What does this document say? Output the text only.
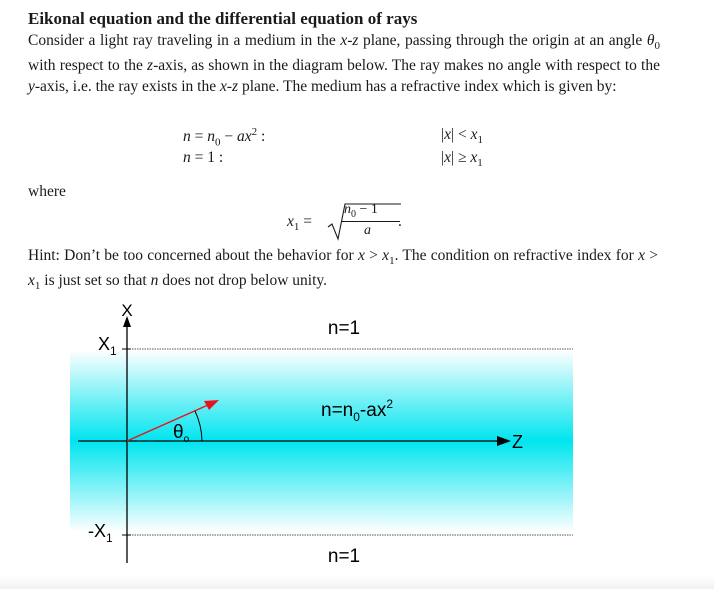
Eikonal equation and the differential equation of rays
Consider a light ray traveling in a medium in the x-z plane, passing through the origin at an angle $\theta_0$ with respect to the z-axis, as shown in the diagram below. The ray makes no angle with respect to the y-axis, i.e. the ray exists in the x-z plane. The medium has a refractive index which is given by:
$n = n_0 - ax^2$ :	$|x| < x_1$
n = 1 :	$|x| \ge x_1$
where
$x_1$ =
$n_0 - 1$
a
.
Hint: Don’t be too concerned about the behavior for $x > x_1$. The condition on refractive index for $x > x_1$ is just set so that n does not drop below unity.
X
Z
$X_1$
$-X_1$
n=1
$n=n_0-ax^2$
n=1
$\theta_o$
